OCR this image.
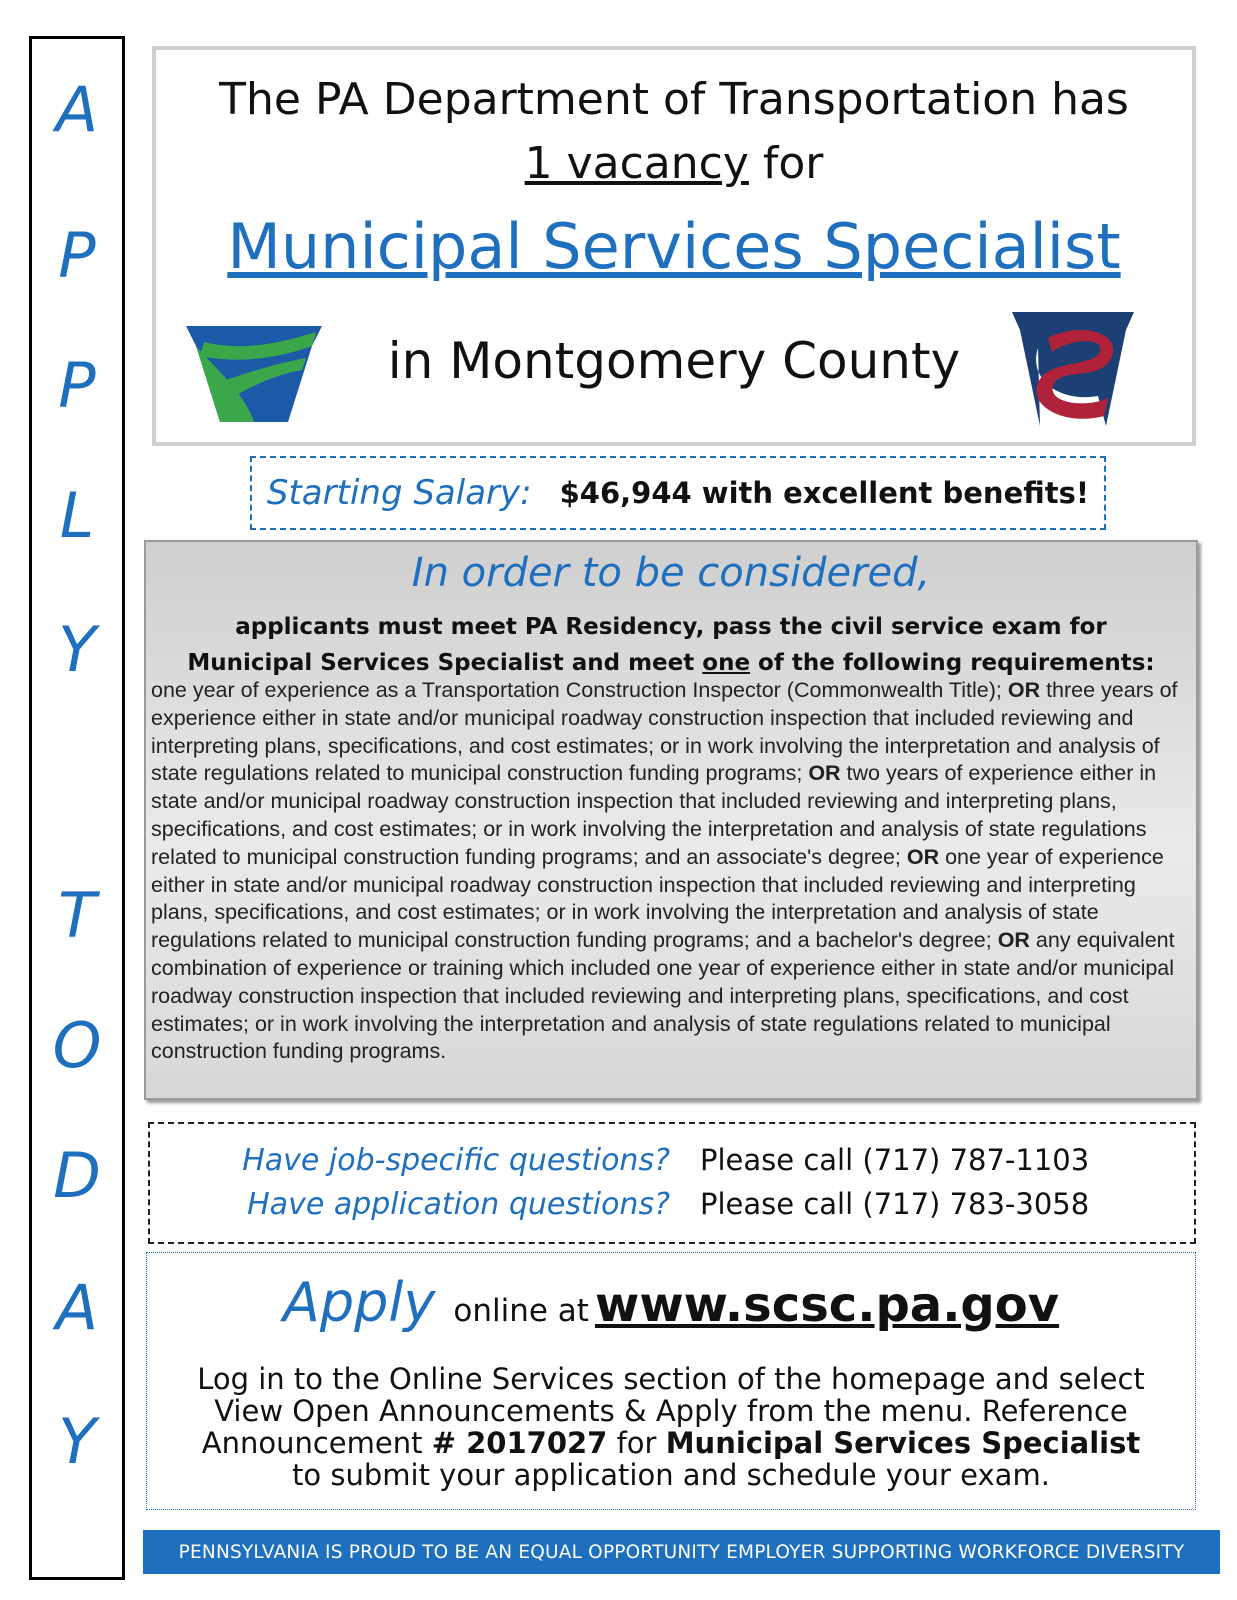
A
P
P
L
Y
T
O
D
A
Y
The PA Department of Transportation has
1 vacancy for
Municipal Services Specialist
in Montgomery County
Starting Salary: $46,944 with excellent benefits!
In order to be considered,
applicants must meet PA Residency, pass the civil service exam for
Municipal Services Specialist and meet one of the following requirements:
one year of experience as a Transportation Construction Inspector (Commonwealth Title); OR three years of experience either in state and/or municipal roadway construction inspection that included reviewing and interpreting plans, specifications, and cost estimates; or in work involving the interpretation and analysis of state regulations related to municipal construction funding programs; OR two years of experience either in state and/or municipal roadway construction inspection that included reviewing and interpreting plans, specifications, and cost estimates; or in work involving the interpretation and analysis of state regulations related to municipal construction funding programs; and an associate's degree; OR one year of experience either in state and/or municipal roadway construction inspection that included reviewing and interpreting plans, specifications, and cost estimates; or in work involving the interpretation and analysis of state regulations related to municipal construction funding programs; and a bachelor's degree; OR any equivalent combination of experience or training which included one year of experience either in state and/or municipal roadway construction inspection that included reviewing and interpreting plans, specifications, and cost estimates; or in work involving the interpretation and analysis of state regulations related to municipal construction funding programs.
Have job-specific questions?	Please call (717) 787-1103
Have application questions?	Please call (717) 783-3058
Apply online at www.scsc.pa.gov
Log in to the Online Services section of the homepage and select View Open Announcements & Apply from the menu. Reference Announcement # 2017027 for Municipal Services Specialist to submit your application and schedule your exam.
PENNSYLVANIA IS PROUD TO BE AN EQUAL OPPORTUNITY EMPLOYER SUPPORTING WORKFORCE DIVERSITY
